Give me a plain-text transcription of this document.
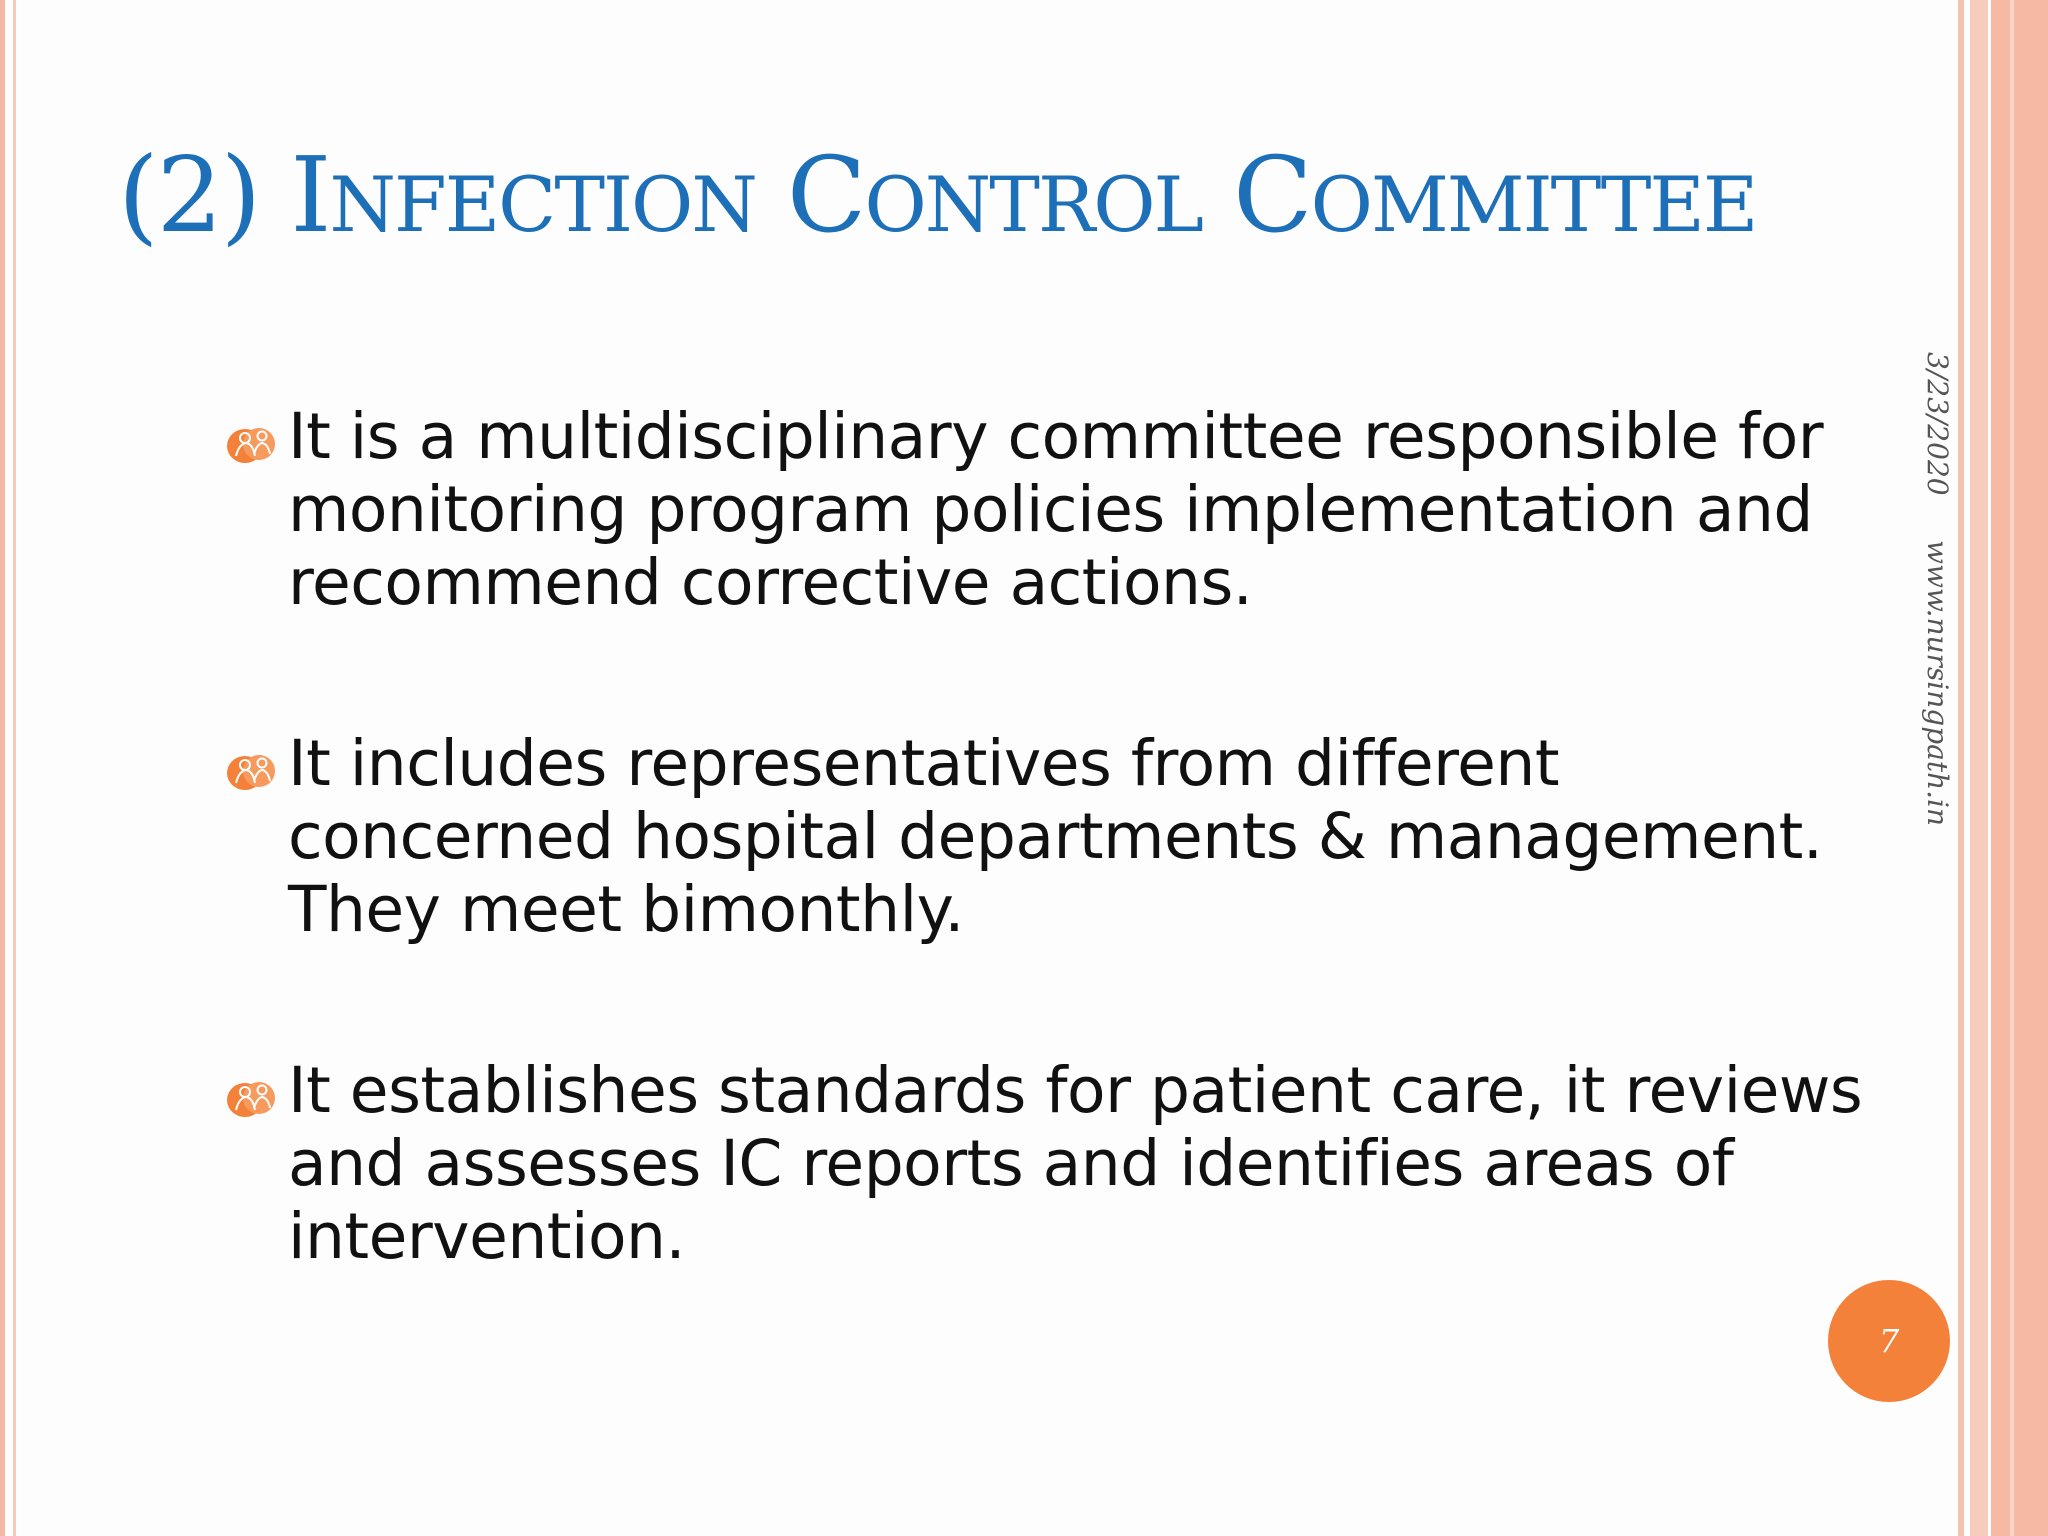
(2) INFECTION CONTROL COMMITTEE
It is a multidisciplinary committee responsible for monitoring program policies implementation and recommend corrective actions.
It includes representatives from different concerned hospital departments & management. They meet bimonthly.
It establishes standards for patient care, it reviews and assesses IC reports and identifies areas of intervention.
3/23/2020
www.nursingpath.in
7
